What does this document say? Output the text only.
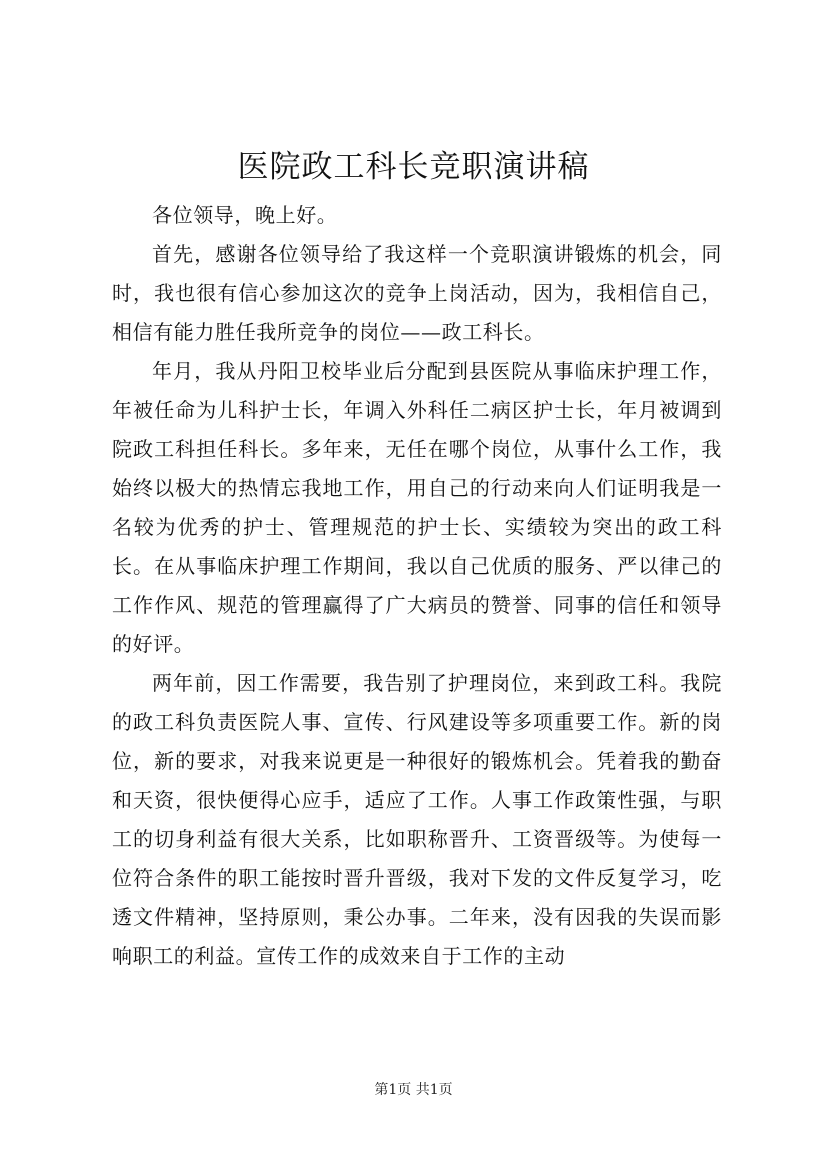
医院政工科长竞职演讲稿

各位领导，晚上好。

首先，感谢各位领导给了我这样一个竞职演讲锻炼的机会，同时，我也很有信心参加这次的竞争上岗活动，因为，我相信自己，相信有能力胜任我所竞争的岗位——政工科长。

年月，我从丹阳卫校毕业后分配到县医院从事临床护理工作，年被任命为儿科护士长，年调入外科任二病区护士长，年月被调到院政工科担任科长。多年来，无任在哪个岗位，从事什么工作，我始终以极大的热情忘我地工作，用自己的行动来向人们证明我是一名较为优秀的护士、管理规范的护士长、实绩较为突出的政工科长。在从事临床护理工作期间，我以自己优质的服务、严以律己的工作作风、规范的管理赢得了广大病员的赞誉、同事的信任和领导的好评。

两年前，因工作需要，我告别了护理岗位，来到政工科。我院的政工科负责医院人事、宣传、行风建设等多项重要工作。新的岗位，新的要求，对我来说更是一种很好的锻炼机会。凭着我的勤奋和天资，很快便得心应手，适应了工作。人事工作政策性强，与职工的切身利益有很大关系，比如职称晋升、工资晋级等。为使每一位符合条件的职工能按时晋升晋级，我对下发的文件反复学习，吃透文件精神，坚持原则，秉公办事。二年来，没有因我的失误而影响职工的利益。宣传工作的成效来自于工作的主动

第1页 共1页
